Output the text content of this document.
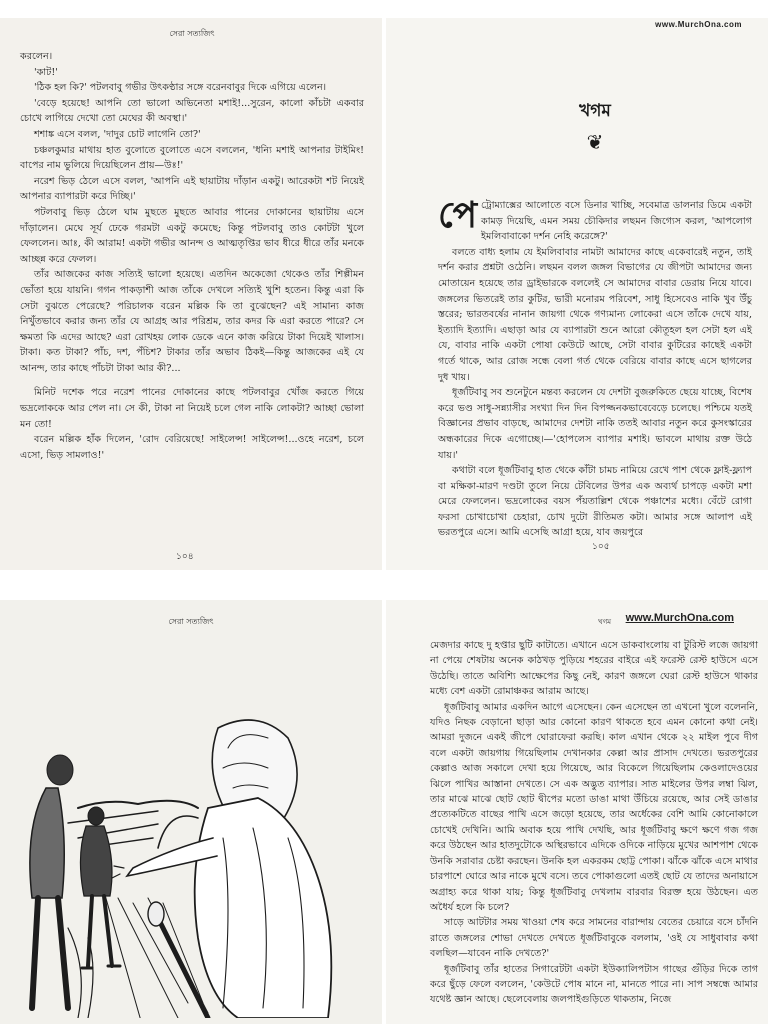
সেরা সত্যজিৎ

করলেন।

'কাট!'

'ঠিক হল কি?' পটলবাবু গভীর উৎকণ্ঠার সঙ্গে বরেনবাবুর দিকে এগিয়ে এলেন।

'বেড়ে হয়েছে! আপনি তো ভালো অভিনেতা মশাই!...সুরেন, কালো কাঁচটা একবার চোখে লাগিয়ে দেখো তো মেঘের কী অবস্থা।'

শশাঙ্ক এসে বলল, 'দাদুর চোট লাগেনি তো?'

চঞ্চলকুমার মাথায় হাত বুলোতে বুলোতে এসে বললেন, 'ধন্যি মশাই আপনার টাইমিং! বাপের নাম ভুলিয়ে দিয়েছিলেন প্রায়—উঃ!'

নরেশ ভিড় ঠেলে এসে বলল, 'আপনি এই ছায়াটায় দাঁড়ান একটু। আরেকটা শট নিয়েই আপনার ব্যাপারটা করে দিচ্ছি।'

পটলবাবু ভিড় ঠেলে ঘাম মুছতে মুছতে আবার পানের দোকানের ছায়াটায় এসে দাঁড়ালেন। মেঘে সূর্য ঢেকে গরমটা একটু কমেছে; কিন্তু পটলবাবু তাও কোটটা খুলে ফেললেন। আঃ, কী আরাম! একটা গভীর আনন্দ ও আত্মতৃপ্তির ভাব ধীরে ধীরে তাঁর মনকে আচ্ছন্ন করে ফেলল।

তাঁর আজকের কাজ সত্যিই ভালো হয়েছে। এতদিন অকেজো থেকেও তাঁর শিল্পীমন ভোঁতা হয়ে যায়নি। গগন পাকড়াশী আজ তাঁকে দেখলে সত্যিই খুশি হতেন। কিন্তু এরা কি সেটা বুঝতে পেরেছে? পরিচালক বরেন মল্লিক কি তা বুঝেছেন? এই সামান্য কাজ নিখুঁতভাবে করার জন্য তাঁর যে আগ্রহ আর পরিশ্রম, তার কদর কি এরা করতে পারে? সে ক্ষমতা কি এদের আছে? এরা রোখহয় লোক ডেকে এনে কাজ করিয়ে টাকা দিয়েই খালাস। টাকা। কত টাকা? পাঁচ, দশ, পঁচিশ? টাকার তাঁর অভাব ঠিকই—কিন্তু আজকের এই যে আনন্দ, তার কাছে পাঁচটা টাকা আর কী?...

মিনিট দশেক পরে নরেশ পানের দোকানের কাছে পটলবাবুর খোঁজ করতে গিয়ে ভদ্রলোককে আর পেল না। সে কী, টাকা না নিয়েই চলে গেল নাকি লোকটা? আচ্ছা ভোলা মন তো!

বরেন মল্লিক হাঁক দিলেন, 'রোদ বেরিয়েছে! সাইলেন্স! সাইলেন্স!...ওহে নরেশ, চলে এসো, ভিড় সামলাও!'

১০৪
www.MurchOna.com
খগম
❦

পেট্রোম্যাক্সের আলোতে বসে ডিনার খাচ্ছি, সবেমাত্র ডালনার ডিমে একটা কামড় দিয়েছি, এমন সময় চৌকিদার লছমন জিগ্যেস করল, 'আপলোগ ইমলিবাবাকো দর্শন নেহি করেঙ্গে?'

বলতে বাধ্য হলাম যে ইমলিবাবার নামটা আমাদের কাছে একেবারেই নতুন, তাই দর্শন করার প্রশ্নটা ওঠেনি। লছমন বলল জঙ্গল বিভাগের যে জীপটা আমাদের জন্য মোতায়েন হয়েছে তার ড্রাইভারকে বললেই সে আমাদের বাবার ডেরায় নিয়ে যাবে। জঙ্গলের ভিতরেই তার কুটির, ভারী মনোরম পরিবেশ, সাধু হিসেবেও নাকি খুব উঁচু স্তরের; ভারতবর্ষের নানান জায়গা থেকে গণ্যমান্য লোকেরা এসে তাঁকে দেখে যায়, ইত্যাদি ইত্যাদি। এছাড়া আর যে ব্যাপারটা শুনে আরো কৌতূহল হল সেটা হল এই যে, বাবার নাকি একটা পোষা কেউটে আছে, সেটা বাবার কুটিরের কাছেই একটা গর্তে থাকে, আর রোজ সন্ধে বেলা গর্ত থেকে বেরিয়ে বাবার কাছে এসে ছাগলের দুধ খায়।

ধূর্জটিবাবু সব শুনেটুনে মন্তব্য করলেন যে দেশটা বুজরুকিতে ছেয়ে যাচ্ছে, বিশেষ করে ভণ্ড সাধু-সন্ন্যাসীর সংখ্যা দিন দিন বিপজ্জনকভাবেবেড়ে চলেছে। পশ্চিমে যতই বিজ্ঞানের প্রভাব বাড়ছে, আমাদের দেশটা নাকি ততই আবার নতুন করে কুসংস্কারের অন্ধকারের দিকে এগোচ্ছে।—'হোপলেস ব্যাপার মশাই। ভাবলে মাথায় রক্ত উঠে যায়।'

কথাটা বলে ধূর্জটিবাবু হাত থেকে কাঁটা চামচ নামিয়ে রেখে পাশ থেকে ফ্লাই-ফ্ল্যাপ বা মক্ষিকা-মারণ দণ্ডটা তুলে নিয়ে টেবিলের উপর এক অব্যর্থ চাপড়ে একটা মশা মেরে ফেললেন। ভদ্রলোকের বয়স পঁয়তাল্লিশ থেকে পঞ্চাশের মধ্যে। বেঁটে রোগা ফরসা চোখাচোখা চেহারা, চোখ দুটো রীতিমত কটা। আমার সঙ্গে আলাপ এই ভরতপুরে এসে। আমি এসেছি আগ্রা হয়ে, যাব জয়পুরে

১০৫
সেরা সত্যজিৎ	www.MurchOna.com
খগম

মেজদার কাছে দু হপ্তার ছুটি কাটাতে। এখানে এসে ডাকবাংলোয় বা টুরিস্ট লজে জায়গা না পেয়ে শেষটায় অনেক কাঠখড় পুড়িয়ে শহরের বাইরে এই ফরেস্ট রেস্ট হাউসে এসে উঠেছি। তাতে অবিশ্যি আক্ষেপের কিছু নেই, কারণ জঙ্গলে ঘেরা রেস্ট হাউসে থাকার মধ্যে বেশ একটা রোমাঞ্চকর আরাম আছে।

ধূর্জটিবাবু আমার একদিন আগে এসেছেন। কেন এসেছেন তা এখনো খুলে বলেননি, যদিও নিছক বেড়ানো ছাড়া আর কোনো কারণ থাকতে হবে এমন কোনো কথা নেই। আমরা দুজনে একই জীপে ঘোরাফেরা করছি। কাল এখান থেকে ২২ মাইল পুবে দীগ বলে একটা জায়গায় গিয়েছিলাম দেখানকার কেল্লা আর প্রাসাদ দেখতে। ভরতপুরের কেল্লাও আজ সকালে দেখা হয়ে গিয়েছে, আর বিকেলে গিয়েছিলাম কেওলাদেওয়ের ঝিলে পাখির আস্তানা দেখতে। সে এক অদ্ভুত ব্যাপার। সাত মাইলের উপর লম্বা ঝিল, তার মাঝে মাঝে ছোট ছোট দ্বীপের মতো ডাঙা মাথা উঁচিয়ে রয়েছে, আর সেই ডাঙার প্রত্যেকটিতে বাছের পাখি এসে জড়ো হয়েছে, তার অর্ধেকের বেশি আমি কোনোকালে চোখেই দেখিনি। আমি অবাক হয়ে পাখি দেখছি, আর ধূর্জটিবাবু ক্ষণে ক্ষণে গজ গজ করে উঠছেন আর হাতদুটোকে অস্থিরভাবে এদিকে ওদিকে নাড়িয়ে মুখের আশপাশ থেকে উনকি সরাবার চেষ্টা করছেন। উনকি হল একরকম ছোট্ট পোকা। ঝাঁকে ঝাঁকে এসে মাথার চারপাশে ঘোরে আর নাকে মুখে বসে। তবে পোকাগুলো এতই ছোট যে তাদের অনায়াসে অগ্রাহ্য করে থাকা যায়; কিন্তু ধূর্জটিবাবু দেখলাম বারবার বিরক্ত হয়ে উঠছেন। এত অধৈর্য হলে কি চলে?

সাড়ে আটটার সময় খাওয়া শেষ করে সামনের বারান্দায় বেতের চেয়ারে বসে চাঁদনি রাতে জঙ্গলের শোভা দেখতে দেখতে ধূর্জটিবাবুকে বললাম, 'ওই যে সাধুবাবার কথা বলছিল—যাবেন নাকি দেখতে?'

ধূর্জটিবাবু তাঁর হাতের সিগারেটটা একটা ইউক্যালিপটাস গাছের গুঁড়ির দিকে তাগ করে ছুঁড়ে ফেলে বললেন, 'কেউটে পোষ মানে না, মানতে পারে না। সাপ সম্বন্ধে আমার যথেষ্ট জ্ঞান আছে। ছেলেবেলায় জলপাইগুড়িতে থাকতাম, নিজে
